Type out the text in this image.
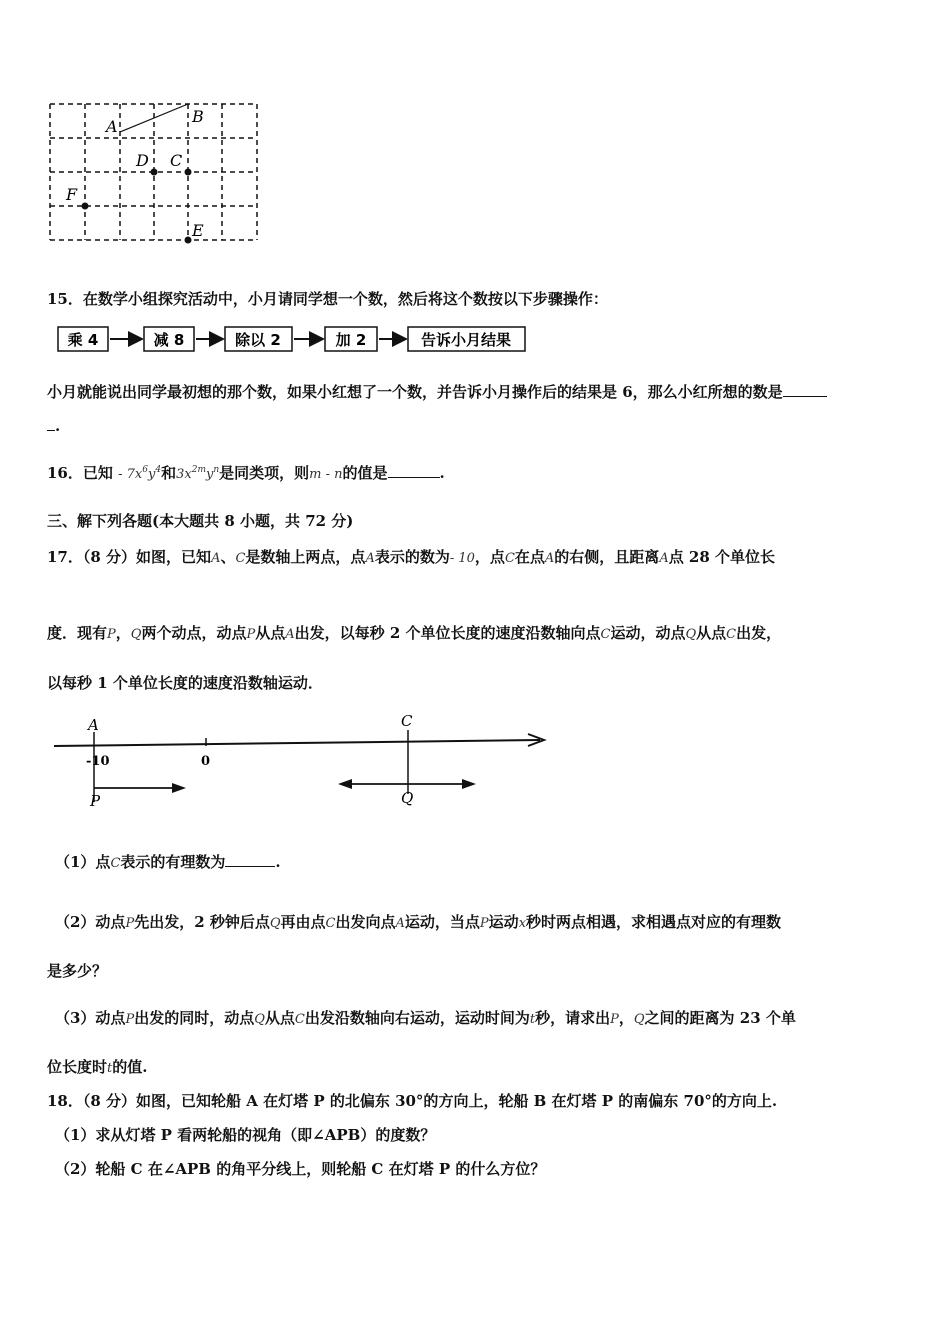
A
B
D C
F
E
15．在数学小组探究活动中，小月请同学想一个数，然后将这个数按以下步骤操作：
乘 4	减 8	除以 2	加 2	告诉小月结果
小月就能说出同学最初想的那个数，如果小红想了一个数，并告诉小月操作后的结果是 6，那么小红所想的数是
.
16．已知 - $7x^6y^4$和$3x^{2m}y^n$是同类项，则m - n的值是	.
三、解下列各题(本大题共 8 小题，共 72 分)
17．（8 分）如图，已知A、C是数轴上两点，点A表示的数为- 10，点C在点A的右侧，且距离A点 28 个单位长
度．现有P，Q两个动点，动点P从点A出发，以每秒 2 个单位长度的速度沿数轴向点C运动，动点Q从点C出发，
以每秒 1 个单位长度的速度沿数轴运动．
A	C
-10	0
P	Q
（1）点C表示的有理数为	.
（2）动点P先出发，2 秒钟后点Q再由点C出发向点A运动，当点P运动x秒时两点相遇，求相遇点对应的有理数
是多少？
（3）动点P出发的同时，动点Q从点C出发沿数轴向右运动，运动时间为t秒，请求出P，Q之间的距离为 23 个单
位长度时t的值.
18．（8 分）如图，已知轮船 A 在灯塔 P 的北偏东 30°的方向上，轮船 B 在灯塔 P 的南偏东 70°的方向上.
（1）求从灯塔 P 看两轮船的视角（即∠APB）的度数？
（2）轮船 C 在∠APB 的角平分线上，则轮船 C 在灯塔 P 的什么方位？
